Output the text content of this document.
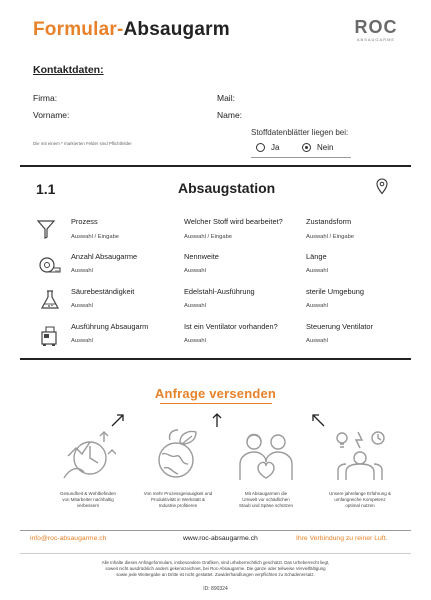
Formular-Absaugarm	ROC
ABSAUGARME
Kontaktdaten:
Firma:	Mail:
Vorname:	Name:
Die mit einem * markierten Felder sind Pflichtfelder
Stoffdatenblätter liegen bei:
Ja	Nein
1.1	Absaugstation
Prozess
Auswahl / Eingabe
Welcher Stoff wird bearbeitet?
Auswahl / Eingabe
Zustandsform
Auswahl / Eingabe
Anzahl Absaugarme
Auswahl
Nennweite
Auswahl
Länge
Auswahl
Säurebeständigkeit
Auswahl
Edelstahl-Ausführung
Auswahl
sterile Umgebung
Auswahl
Ausführung Absaugarm
Auswahl
Ist ein Ventilator vorhanden?
Auswahl
Steuerung Ventilator
Auswahl
Anfrage versenden
Gesundheit & Wohlbefinden
von Mitarbeiter nachhaltig
verbessern
Von mehr Prozessgenauigkeit und
Produktivität in Werkstatt &
Industrie profitieren
Mit Absaugarmen die
Umwelt vor schädlichen
Staub und Späne schützen
Unsere jahrelange Erfahrung &
umfangreiche Kompetenz
optimal nutzen
info@roc-absaugarme.ch	www.roc-absaugarme.ch	Ihre Verbindung zu reiner Luft.
Alle Inhalte dieses Anfrageformulars, insbesondere Grafiken, sind urheberrechtlich geschützt. Das Urheberrecht liegt,
soweit nicht ausdrücklich anders gekennzeichnet, bei Roc-Absaugarme. Die ganze oder teilweise Vervielfältigung
sowie jede Weitergabe an Dritte ist nicht gestattet. Zuwiderhandlungen verpflichten zu Schadenersatz.
ID: 890324
